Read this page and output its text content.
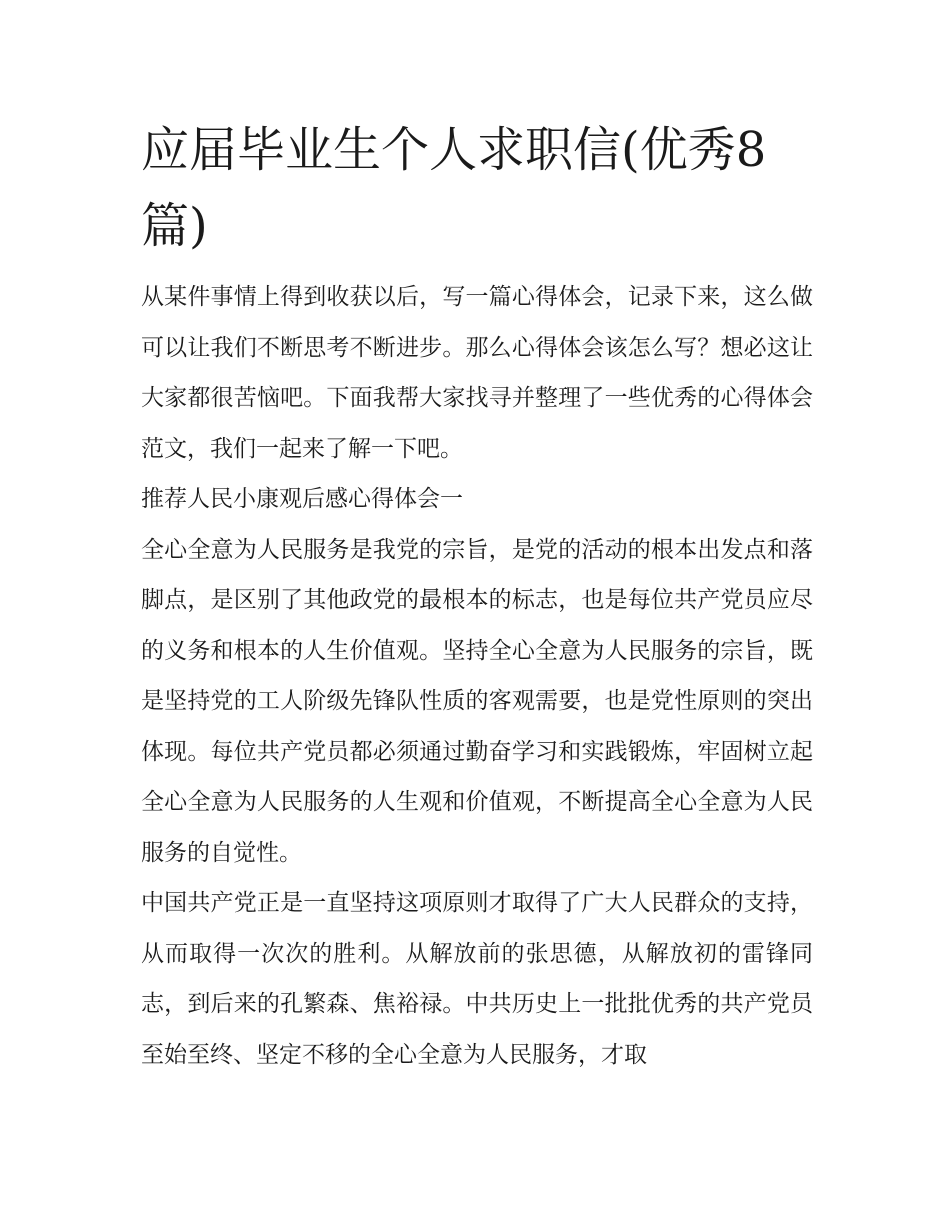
应届毕业生个人求职信(优秀8篇)

从某件事情上得到收获以后，写一篇心得体会，记录下来，这么做可以让我们不断思考不断进步。那么心得体会该怎么写？想必这让大家都很苦恼吧。下面我帮大家找寻并整理了一些优秀的心得体会范文，我们一起来了解一下吧。

推荐人民小康观后感心得体会一

全心全意为人民服务是我党的宗旨，是党的活动的根本出发点和落脚点，是区别了其他政党的最根本的标志，也是每位共产党员应尽的义务和根本的人生价值观。坚持全心全意为人民服务的宗旨，既是坚持党的工人阶级先锋队性质的客观需要，也是党性原则的突出体现。每位共产党员都必须通过勤奋学习和实践锻炼，牢固树立起全心全意为人民服务的人生观和价值观，不断提高全心全意为人民服务的自觉性。

中国共产党正是一直坚持这项原则才取得了广大人民群众的支持，从而取得一次次的胜利。从解放前的张思德，从解放初的雷锋同志，到后来的孔繁森、焦裕禄。中共历史上一批批优秀的共产党员至始至终、坚定不移的全心全意为人民服务，才取
